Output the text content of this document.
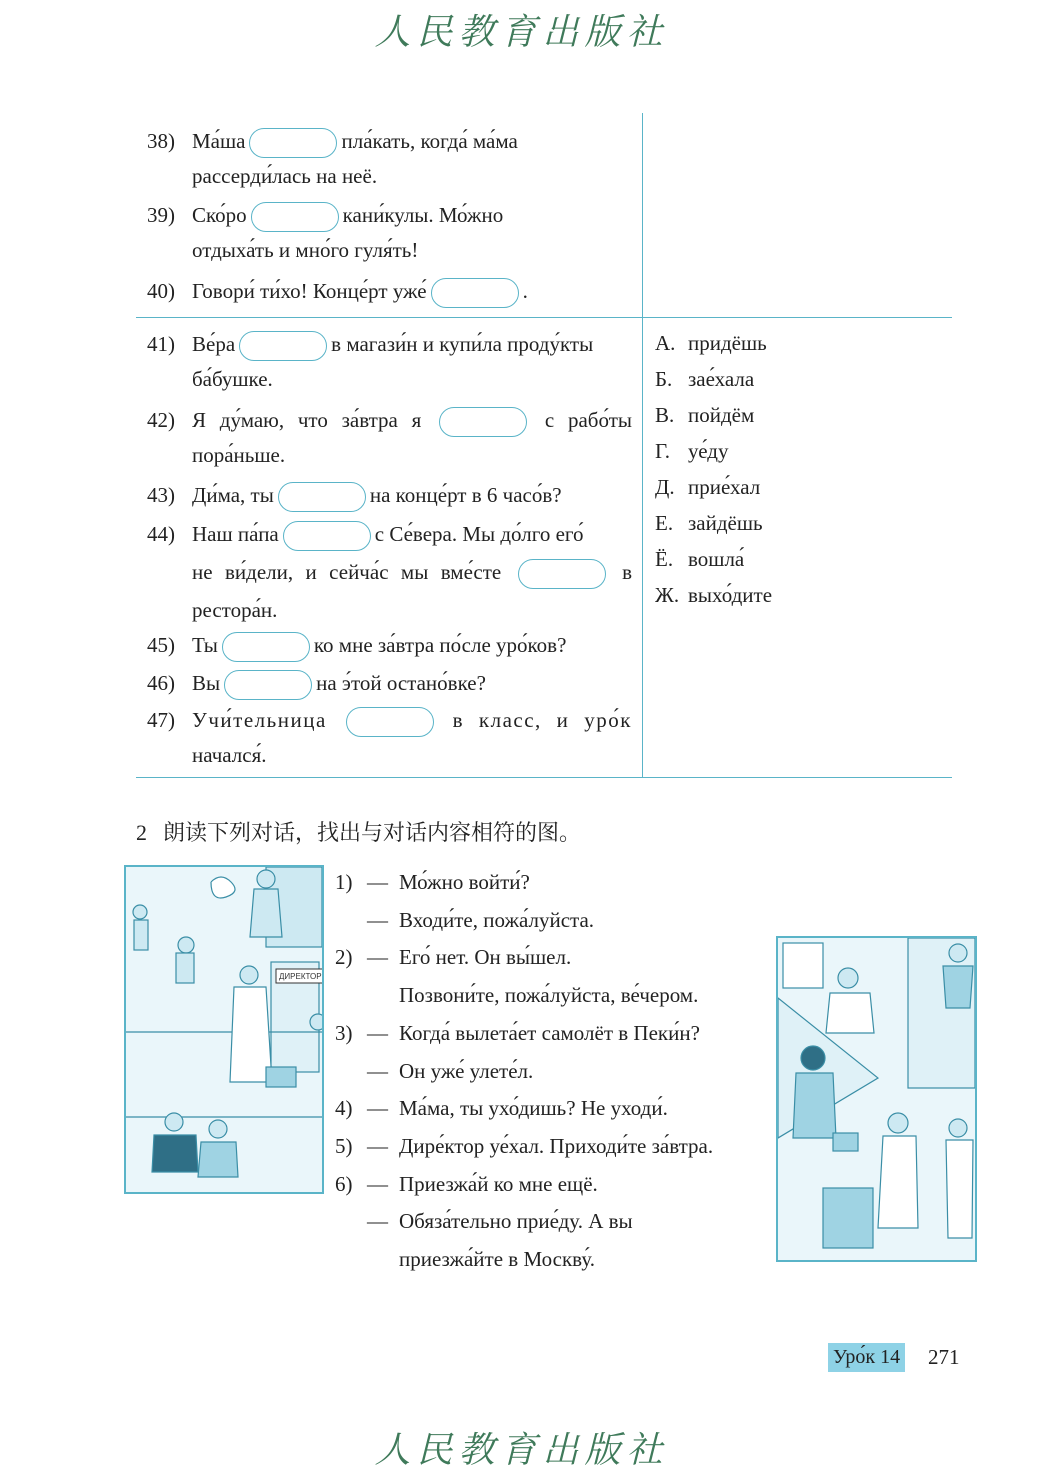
人民教育出版社
38) Ма́ша	пла́кать, когда́ ма́ма
рассерди́лась на неё.
39) Ско́ро	кани́кулы. Мо́жно
отдыха́ть и мно́го гуля́ть!
40) Говори́ ти́хо! Конце́рт уже́	.
41) Ве́ра	в магази́н и купи́ла проду́кты
ба́бушке.
42) Я ду́маю, что за́втра я	с рабо́ты
пора́ньше.
43) Ди́ма, ты	на конце́рт в 6 часо́в?
44) Наш па́па	с Се́вера. Мы до́лго его́
не ви́дели, и сейча́с мы вме́сте	в
рестора́н.
45) Ты	ко мне за́втра по́сле уро́ков?
46) Вы	на э́той остано́вке?
47) Учи́тельница	в класс, и уро́к
начался́.
А. придёшь
Б. зае́хала
В. пойдём
Г. уе́ду
Д. прие́хал
Е. зайдёшь
Ё. вошла́
Ж. выхо́дите
2 朗读下列对话，找出与对话内容相符的图。
ДИРЕКТОР
1) — Мо́жно войти́?
— Входи́те, пожа́луйста.
2) — Его́ нет. Он вы́шел.
Позвони́те, пожа́луйста, ве́чером.
3) — Когда́ вылета́ет самолёт в Пеки́н?
— Он уже́ улете́л.
4) — Ма́ма, ты ухо́дишь? Не уходи́.
5) — Дире́ктор уе́хал. Приходи́те за́втра.
6) — Приезжа́й ко мне ещё.
— Обяза́тельно прие́ду. А вы
приезжа́йте в Москву́.
Уро́к 14 271
人民教育出版社
